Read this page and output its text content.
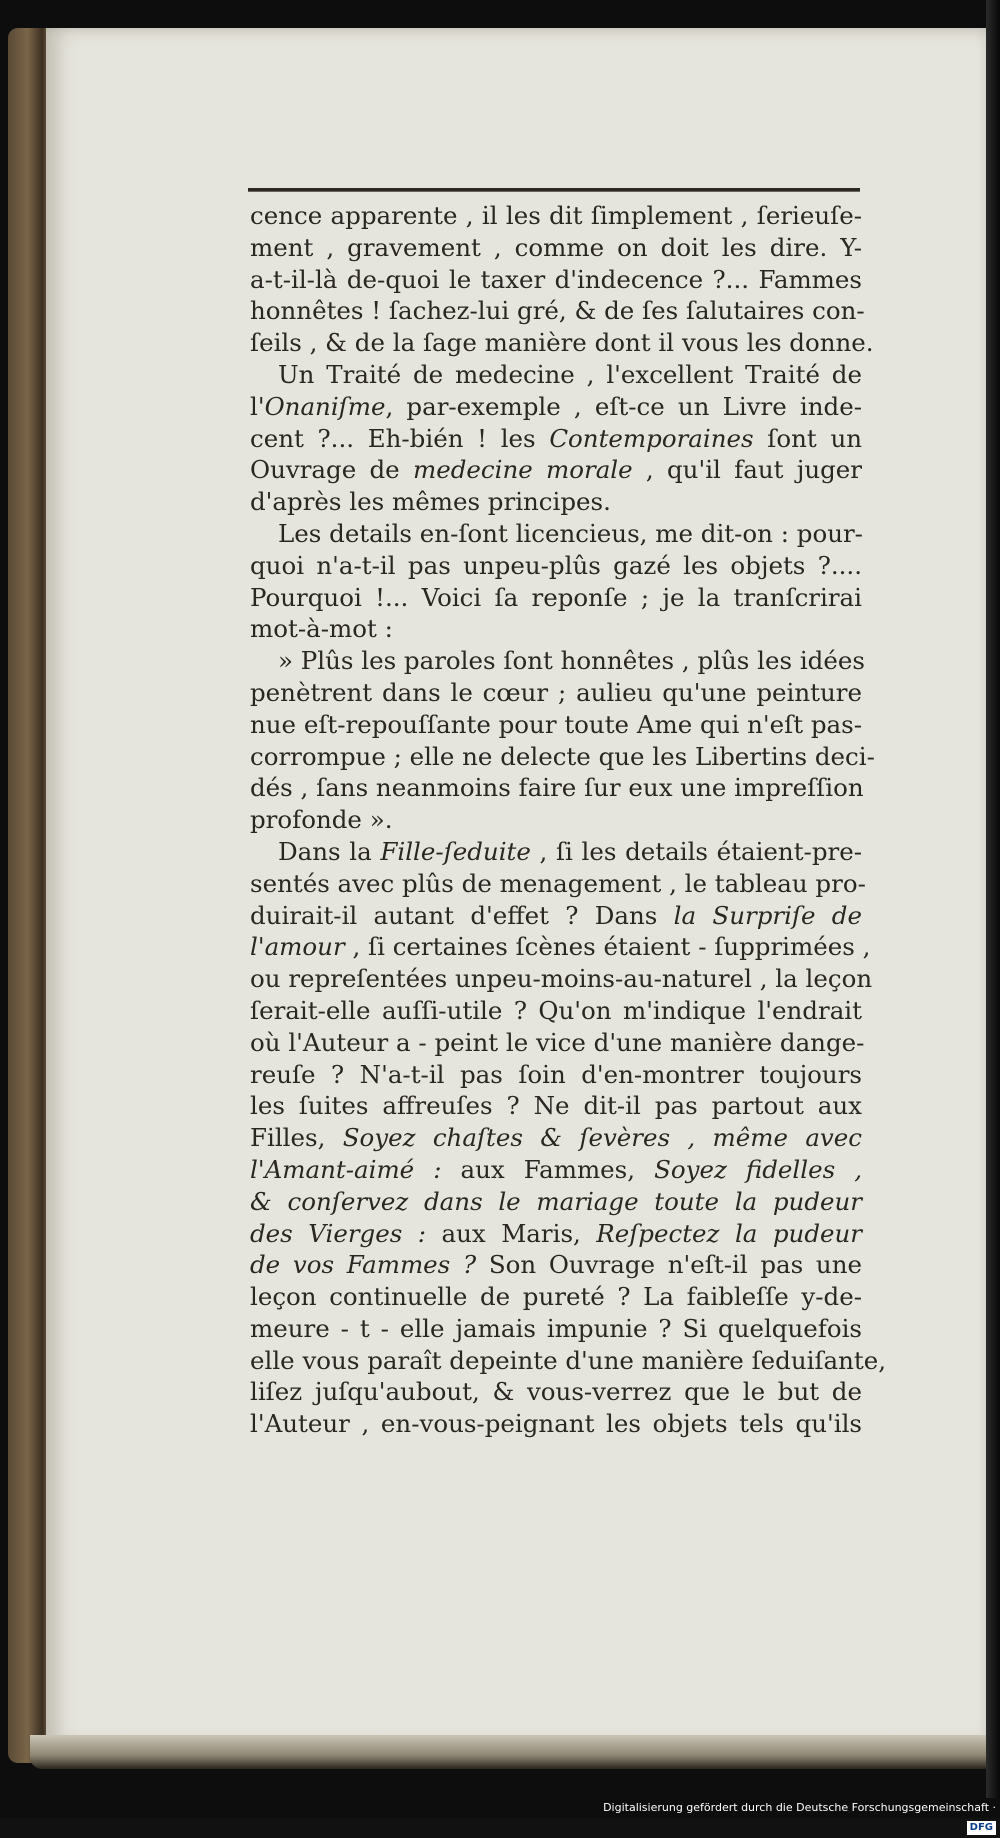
cence apparente , il les dit ſimplement , ſerieuſe-
ment , gravement , comme on doit les dire. Y-
a-t-il-là de-quoi le taxer d'indecence ?... Fammes
honnêtes ! ſachez-lui gré, & de ſes ſalutaires con-
ſeils , & de la ſage manière dont il vous les donne.
Un Traité de medecine , l'excellent Traité de
l'Onaniſme, par-exemple , eſt-ce un Livre inde-
cent ?... Eh-bién ! les Contemporaines ſont un
Ouvrage de medecine morale , qu'il faut juger
d'après les mêmes principes.
Les details en-ſont licencieus, me dit-on : pour-
quoi n'a-t-il pas unpeu-plûs gazé les objets ?....
Pourquoi !... Voici ſa reponſe ; je la tranſcrirai
mot-à-mot :
» Plûs les paroles ſont honnêtes , plûs les idées
penètrent dans le cœur ; aulieu qu'une peinture
nue eſt-repouſſante pour toute Ame qui n'eſt pas-
corrompue ; elle ne delecte que les Libertins deci-
dés , ſans neanmoins faire ſur eux une impreſſion
profonde ».
Dans la Fille-ſeduite , ſi les details étaient-pre-
sentés avec plûs de menagement , le tableau pro-
duirait-il autant d'effet ? Dans la Surpriſe de
l'amour , ſi certaines ſcènes étaient - ſupprimées ,
ou repreſentées unpeu-moins-au-naturel , la leçon
ſerait-elle auſſi-utile ? Qu'on m'indique l'endrait
où l'Auteur a - peint le vice d'une manière dange-
reuſe ? N'a-t-il pas ſoin d'en-montrer toujours
les ſuites affreuſes ? Ne dit-il pas partout aux
Filles, Soyez chaſtes & ſevères , même avec
l'Amant-aimé : aux Fammes, Soyez fidelles ,
& conſervez dans le mariage toute la pudeur
des Vierges : aux Maris, Reſpectez la pudeur
de vos Fammes ? Son Ouvrage n'eſt-il pas une
leçon continuelle de pureté ? La faibleſſe y-de-
meure - t - elle jamais impunie ? Si quelquefois
elle vous paraît depeinte d'une manière ſeduiſante,
liſez juſqu'aubout, & vous-verrez que le but de
l'Auteur , en-vous-peignant les objets tels qu'ils
Digitalisierung gefördert durch die Deutsche Forschungsgemeinschaft ·DFG
